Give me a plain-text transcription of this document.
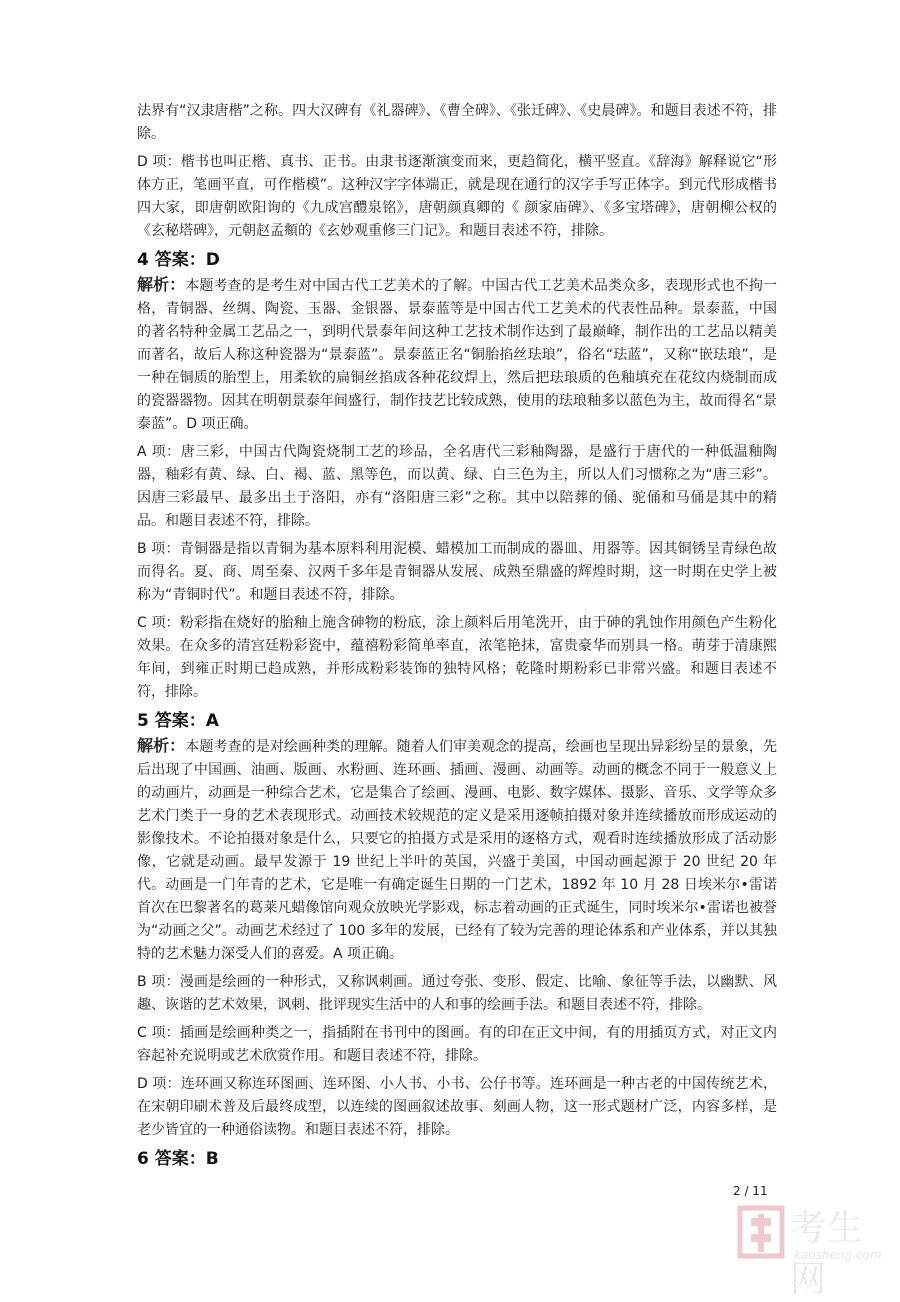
法界有“汉隶唐楷”之称。四大汉碑有《礼器碑》、《曹全碑》、《张迁碑》、《史晨碑》。和题目表述不符，排除。

D 项：楷书也叫正楷、真书、正书。由隶书逐渐演变而来，更趋简化，横平竖直。《辞海》解释说它“形体方正，笔画平直，可作楷模”。这种汉字字体端正，就是现在通行的汉字手写正体字。到元代形成楷书四大家，即唐朝欧阳询的《九成宫醴泉铭》，唐朝颜真卿的《 颜家庙碑》、《多宝塔碑》，唐朝柳公权的《玄秘塔碑》，元朝赵孟頫的《玄妙观重修三门记》。和题目表述不符，排除。

4 答案：D

解析：本题考查的是考生对中国古代工艺美术的了解。中国古代工艺美术品类众多，表现形式也不拘一格，青铜器、丝绸、陶瓷、玉器、金银器、景泰蓝等是中国古代工艺美术的代表性品种。景泰蓝，中国的著名特种金属工艺品之一，到明代景泰年间这种工艺技术制作达到了最巅峰，制作出的工艺品以精美而著名，故后人称这种瓷器为“景泰蓝”。景泰蓝正名“铜胎掐丝珐琅”，俗名“珐蓝”，又称“嵌珐琅”，是一种在铜质的胎型上，用柔软的扁铜丝掐成各种花纹焊上，然后把珐琅质的色釉填充在花纹内烧制而成的瓷器器物。因其在明朝景泰年间盛行，制作技艺比较成熟，使用的珐琅釉多以蓝色为主，故而得名“景泰蓝”。D 项正确。

A 项：唐三彩，中国古代陶瓷烧制工艺的珍品，全名唐代三彩釉陶器，是盛行于唐代的一种低温釉陶器，釉彩有黄、绿、白、褐、蓝、黑等色，而以黄、绿、白三色为主，所以人们习惯称之为“唐三彩”。因唐三彩最早、最多出土于洛阳，亦有“洛阳唐三彩”之称。其中以陪葬的俑、驼俑和马俑是其中的精品。和题目表述不符，排除。

B 项：青铜器是指以青铜为基本原料利用泥模、蜡模加工而制成的器皿、用器等。因其铜锈呈青绿色故而得名。夏、商、周至秦、汉两千多年是青铜器从发展、成熟至鼎盛的辉煌时期，这一时期在史学上被称为“青铜时代”。和题目表述不符，排除。

C 项：粉彩指在烧好的胎釉上施含砷物的粉底，涂上颜料后用笔洗开，由于砷的乳蚀作用颜色产生粉化效果。在众多的清宫廷粉彩瓷中，蕴禧粉彩简单率直，浓笔艳抹，富贵豪华而别具一格。萌芽于清康熙年间，到雍正时期已趋成熟，并形成粉彩装饰的独特风格；乾隆时期粉彩已非常兴盛。和题目表述不符，排除。

5 答案：A

解析：本题考查的是对绘画种类的理解。随着人们审美观念的提高，绘画也呈现出异彩纷呈的景象，先后出现了中国画、油画、版画、水粉画、连环画、插画、漫画、动画等。动画的概念不同于一般意义上的动画片，动画是一种综合艺术，它是集合了绘画、漫画、电影、数字媒体、摄影、音乐、文学等众多艺术门类于一身的艺术表现形式。动画技术较规范的定义是采用逐帧拍摄对象并连续播放而形成运动的影像技术。不论拍摄对象是什么，只要它的拍摄方式是采用的逐格方式，观看时连续播放形成了活动影像，它就是动画。最早发源于 19 世纪上半叶的英国，兴盛于美国，中国动画起源于 20 世纪 20 年代。动画是一门年青的艺术，它是唯一有确定诞生日期的一门艺术，1892 年 10 月 28 日埃米尔•雷诺首次在巴黎著名的葛莱凡蜡像馆向观众放映光学影戏，标志着动画的正式诞生，同时埃米尔•雷诺也被誉为“动画之父”。动画艺术经过了 100 多年的发展，已经有了较为完善的理论体系和产业体系，并以其独特的艺术魅力深受人们的喜爱。A 项正确。

B 项：漫画是绘画的一种形式，又称讽刺画。通过夸张、变形、假定、比喻、象征等手法，以幽默、风趣、诙谐的艺术效果，讽刺、批评现实生活中的人和事的绘画手法。和题目表述不符，排除。

C 项：插画是绘画种类之一，指插附在书刊中的图画。有的印在正文中间，有的用插页方式，对正文内容起补充说明或艺术欣赏作用。和题目表述不符，排除。

D 项：连环画又称连环图画、连环图、小人书、小书、公仔书等。连环画是一种古老的中国传统艺术，在宋朝印刷术普及后最终成型，以连续的图画叙述故事、刻画人物，这一形式题材广泛，内容多样，是老少皆宜的一种通俗读物。和题目表述不符，排除。

6 答案：B
2 / 11
考生网
kaosheng.com
